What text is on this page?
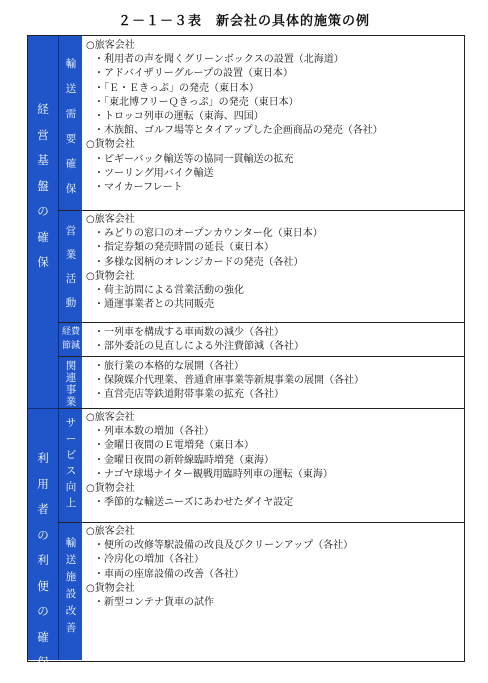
２－１－３表　新会社の具体的施策の例
経
営
基
盤
の
確
保
利
用
者
の
利
便
の
確
保
輸
送
需
要
確
保
営
業
活
動
経費
節減
関
連
事
業
サ
ー
ビ
ス
向
上
輸
送
施
設
改
善
○旅客会社
・利用者の声を聞くグリーンボックスの設置（北海道）
・アドバイザリーグループの設置（東日本）
・「Ｅ・Ｅきっぷ」の発売（東日本）
・「東北博フリーＱきっぷ」の発売（東日本）
・トロッコ列車の運転（東海、四国）
・木族館、ゴルフ場等とタイアップした企画商品の発売（各社）
○貨物会社
・ピギーバック輸送等の協同一貫輸送の拡充
・ツーリング用バイク輸送
・マイカーフレート
○旅客会社
・みどりの窓口のオープンカウンター化（東日本）
・指定券類の発売時間の延長（東日本）
・多様な図柄のオレンジカードの発売（各社）
○貨物会社
・荷主訪問による営業活動の強化
・通運事業者との共同販売
・一列車を構成する車両数の減少（各社）
・部外委託の見直しによる外注費節減（各社）
・旅行業の本格的な展開（各社）
・保険媒介代理業、普通倉庫事業等新規事業の展開（各社）
・直営売店等鉄道附帯事業の拡充（各社）
○旅客会社
・列車本数の増加（各社）
・金曜日夜間のＥ電増発（東日本）
・金曜日夜間の新幹線臨時増発（東海）
・ナゴヤ球場ナイター観戦用臨時列車の運転（東海）
○貨物会社
・季節的な輸送ニーズにあわせたダイヤ設定
○旅客会社
・便所の改修等駅設備の改良及びクリーンアップ（各社）
・冷房化の増加（各社）
・車両の座席設備の改善（各社）
○貨物会社
・新型コンテナ貨車の試作
